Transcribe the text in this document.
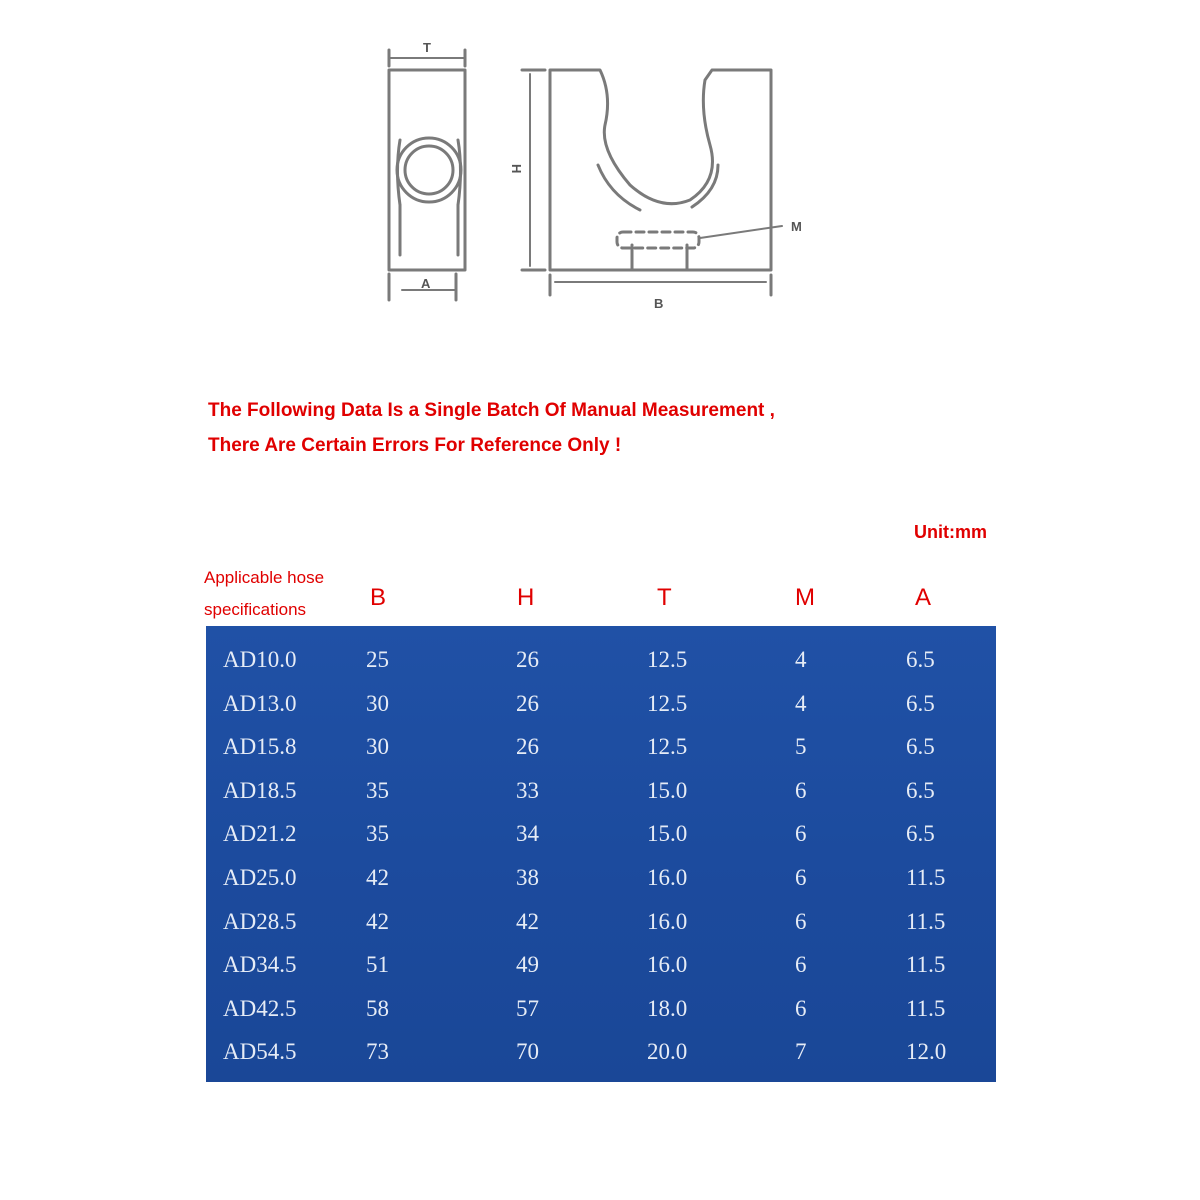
T
A
H
B
M
The Following Data Is a Single Batch Of Manual Measurement ,
There Are Certain Errors For Reference Only !
Unit:mm
Applicable hose
specifications	B	H	T	M	A
AD10.0	25	26	12.5	4	6.5
AD13.0	30	26	12.5	4	6.5
AD15.8	30	26	12.5	5	6.5
AD18.5	35	33	15.0	6	6.5
AD21.2	35	34	15.0	6	6.5
AD25.0	42	38	16.0	6	11.5
AD28.5	42	42	16.0	6	11.5
AD34.5	51	49	16.0	6	11.5
AD42.5	58	57	18.0	6	11.5
AD54.5	73	70	20.0	7	12.0
